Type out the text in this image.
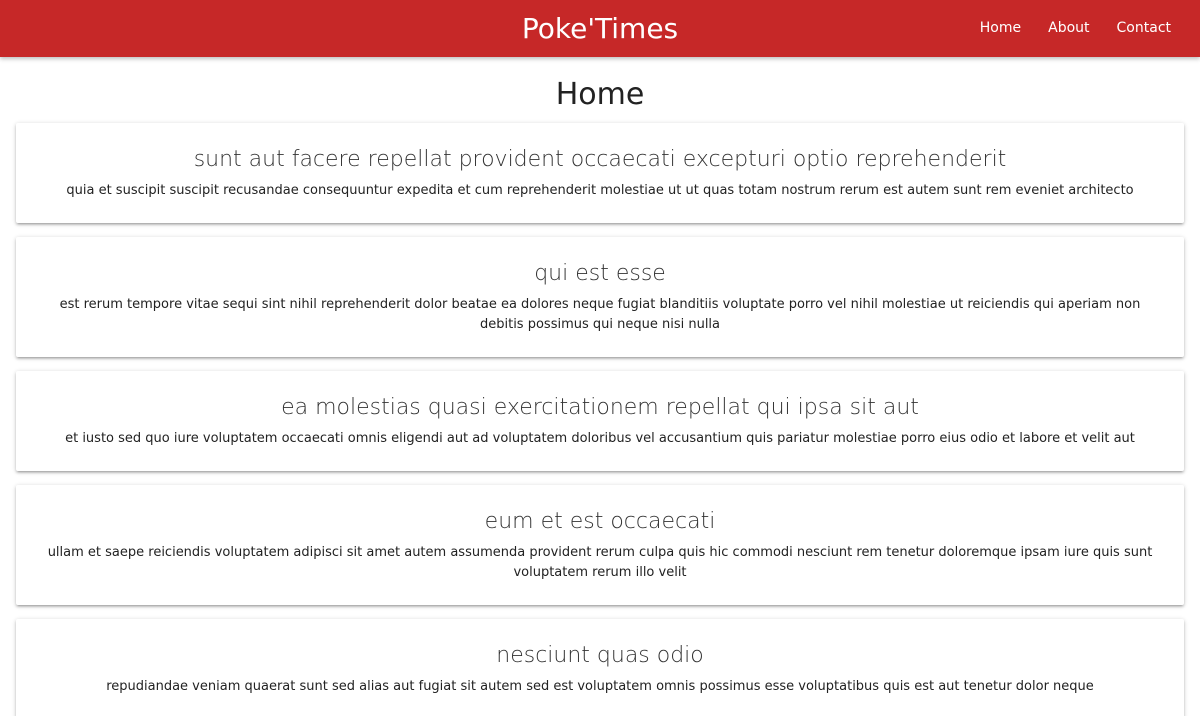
Poke'Times	Home	About	Contact
Home
sunt aut facere repellat provident occaecati excepturi optio reprehenderit
quia et suscipit suscipit recusandae consequuntur expedita et cum reprehenderit molestiae ut ut quas totam nostrum rerum est autem sunt rem eveniet architecto
qui est esse
est rerum tempore vitae sequi sint nihil reprehenderit dolor beatae ea dolores neque fugiat blanditiis voluptate porro vel nihil molestiae ut reiciendis qui aperiam non debitis possimus qui neque nisi nulla
ea molestias quasi exercitationem repellat qui ipsa sit aut
et iusto sed quo iure voluptatem occaecati omnis eligendi aut ad voluptatem doloribus vel accusantium quis pariatur molestiae porro eius odio et labore et velit aut
eum et est occaecati
ullam et saepe reiciendis voluptatem adipisci sit amet autem assumenda provident rerum culpa quis hic commodi nesciunt rem tenetur doloremque ipsam iure quis sunt voluptatem rerum illo velit
nesciunt quas odio
repudiandae veniam quaerat sunt sed alias aut fugiat sit autem sed est voluptatem omnis possimus esse voluptatibus quis est aut tenetur dolor neque
